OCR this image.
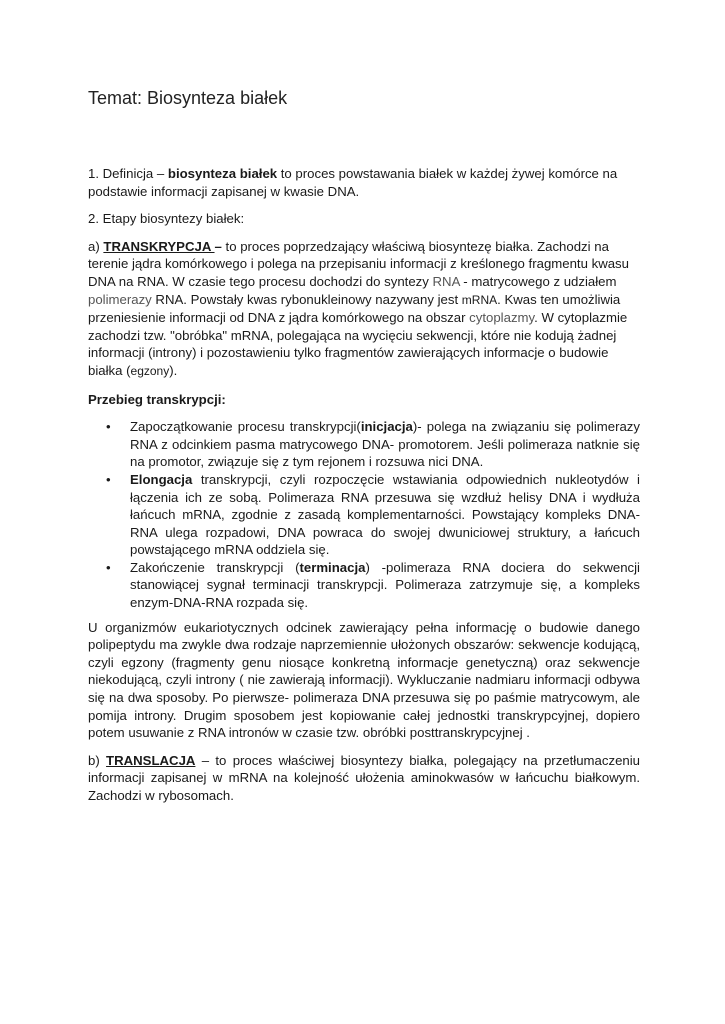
Temat: Biosynteza białek

1. Definicja – biosynteza białek to proces powstawania białek w każdej żywej komórce na podstawie informacji zapisanej w kwasie DNA.

2. Etapy biosyntezy białek:

a) TRANSKRYPCJA – to proces poprzedzający właściwą biosyntezę białka. Zachodzi na terenie jądra komórkowego i polega na przepisaniu informacji z kreślonego fragmentu kwasu DNA na RNA. W czasie tego procesu dochodzi do syntezy RNA - matrycowego z udziałem polimerazy RNA. Powstały kwas rybonukleinowy nazywany jest mRNA. Kwas ten umożliwia przeniesienie informacji od DNA z jądra komórkowego na obszar cytoplazmy. W cytoplazmie zachodzi tzw. "obróbka" mRNA, polegająca na wycięciu sekwencji, które nie kodują żadnej informacji (introny) i pozostawieniu tylko fragmentów zawierających informacje o budowie białka (egzony).

Przebieg transkrypcji:

• Zapoczątkowanie procesu transkrypcji(inicjacja)- polega na związaniu się polimerazy RNA z odcinkiem pasma matrycowego DNA- promotorem. Jeśli polimeraza natknie się na promotor, związuje się z tym rejonem i rozsuwa nici DNA.
• Elongacja transkrypcji, czyli rozpoczęcie wstawiania odpowiednich nukleotydów i łączenia ich ze sobą. Polimeraza RNA przesuwa się wzdłuż helisy DNA i wydłuża łańcuch mRNA, zgodnie z zasadą komplementarności. Powstający kompleks DNA-RNA ulega rozpadowi, DNA powraca do swojej dwuniciowej struktury, a łańcuch powstającego mRNA oddziela się.
• Zakończenie transkrypcji (terminacja) -polimeraza RNA dociera do sekwencji stanowiącej sygnał terminacji transkrypcji. Polimeraza zatrzymuje się, a kompleks enzym-DNA-RNA rozpada się.

U organizmów eukariotycznych odcinek zawierający pełna informację o budowie danego polipeptydu ma zwykle dwa rodzaje naprzemiennie ułożonych obszarów: sekwencje kodującą, czyli egzony (fragmenty genu niosące konkretną informacje genetyczną) oraz sekwencje niekodującą, czyli introny ( nie zawierają informacji). Wykluczanie nadmiaru informacji odbywa się na dwa sposoby. Po pierwsze- polimeraza DNA przesuwa się po paśmie matrycowym, ale pomija introny. Drugim sposobem jest kopiowanie całej jednostki transkrypcyjnej, dopiero potem usuwanie z RNA intronów w czasie tzw. obróbki posttranskrypcyjnej .

b) TRANSLACJA – to proces właściwej biosyntezy białka, polegający na przetłumaczeniu informacji zapisanej w mRNA na kolejność ułożenia aminokwasów w łańcuchu białkowym. Zachodzi w rybosomach.
